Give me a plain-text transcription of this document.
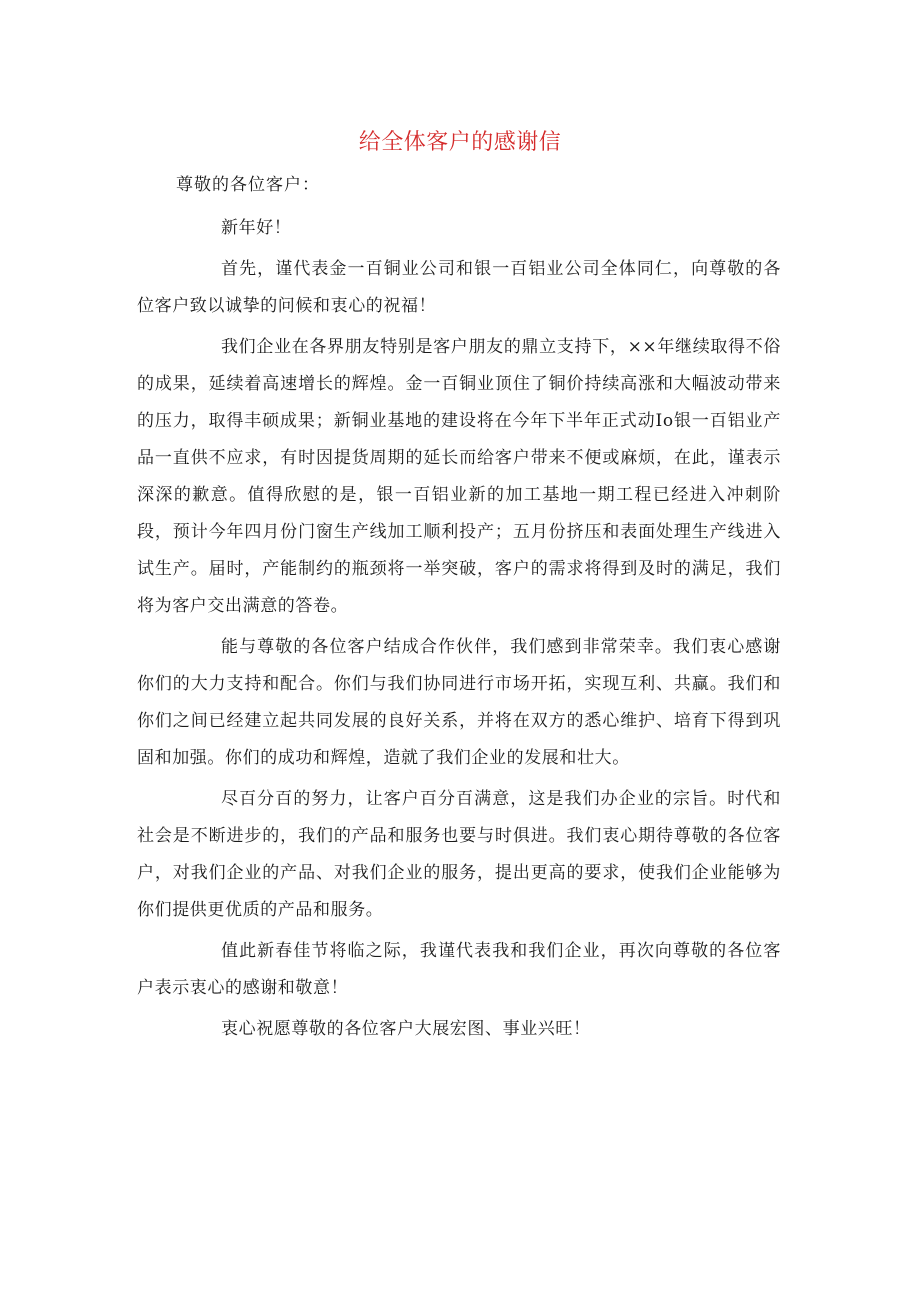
给全体客户的感谢信
尊敬的各位客户：

新年好！

首先，谨代表金一百铜业公司和银一百铝业公司全体同仁，向尊敬的各位客户致以诚挚的问候和衷心的祝福！

我们企业在各界朋友特别是客户朋友的鼎立支持下，××年继续取得不俗的成果，延续着高速增长的辉煌。金一百铜业顶住了铜价持续高涨和大幅波动带来的压力，取得丰硕成果；新铜业基地的建设将在今年下半年正式动Io银一百铝业产品一直供不应求，有时因提货周期的延长而给客户带来不便或麻烦，在此，谨表示深深的歉意。值得欣慰的是，银一百铝业新的加工基地一期工程已经进入冲刺阶段，预计今年四月份门窗生产线加工顺利投产；五月份挤压和表面处理生产线进入试生产。届时，产能制约的瓶颈将一举突破，客户的需求将得到及时的满足，我们将为客户交出满意的答卷。

能与尊敬的各位客户结成合作伙伴，我们感到非常荣幸。我们衷心感谢你们的大力支持和配合。你们与我们协同进行市场开拓，实现互利、共赢。我们和你们之间已经建立起共同发展的良好关系，并将在双方的悉心维护、培育下得到巩固和加强。你们的成功和辉煌，造就了我们企业的发展和壮大。

尽百分百的努力，让客户百分百满意，这是我们办企业的宗旨。时代和社会是不断进步的，我们的产品和服务也要与时俱进。我们衷心期待尊敬的各位客户，对我们企业的产品、对我们企业的服务，提出更高的要求，使我们企业能够为你们提供更优质的产品和服务。

值此新春佳节将临之际，我谨代表我和我们企业，再次向尊敬的各位客户表示衷心的感谢和敬意！

衷心祝愿尊敬的各位客户大展宏图、事业兴旺！
